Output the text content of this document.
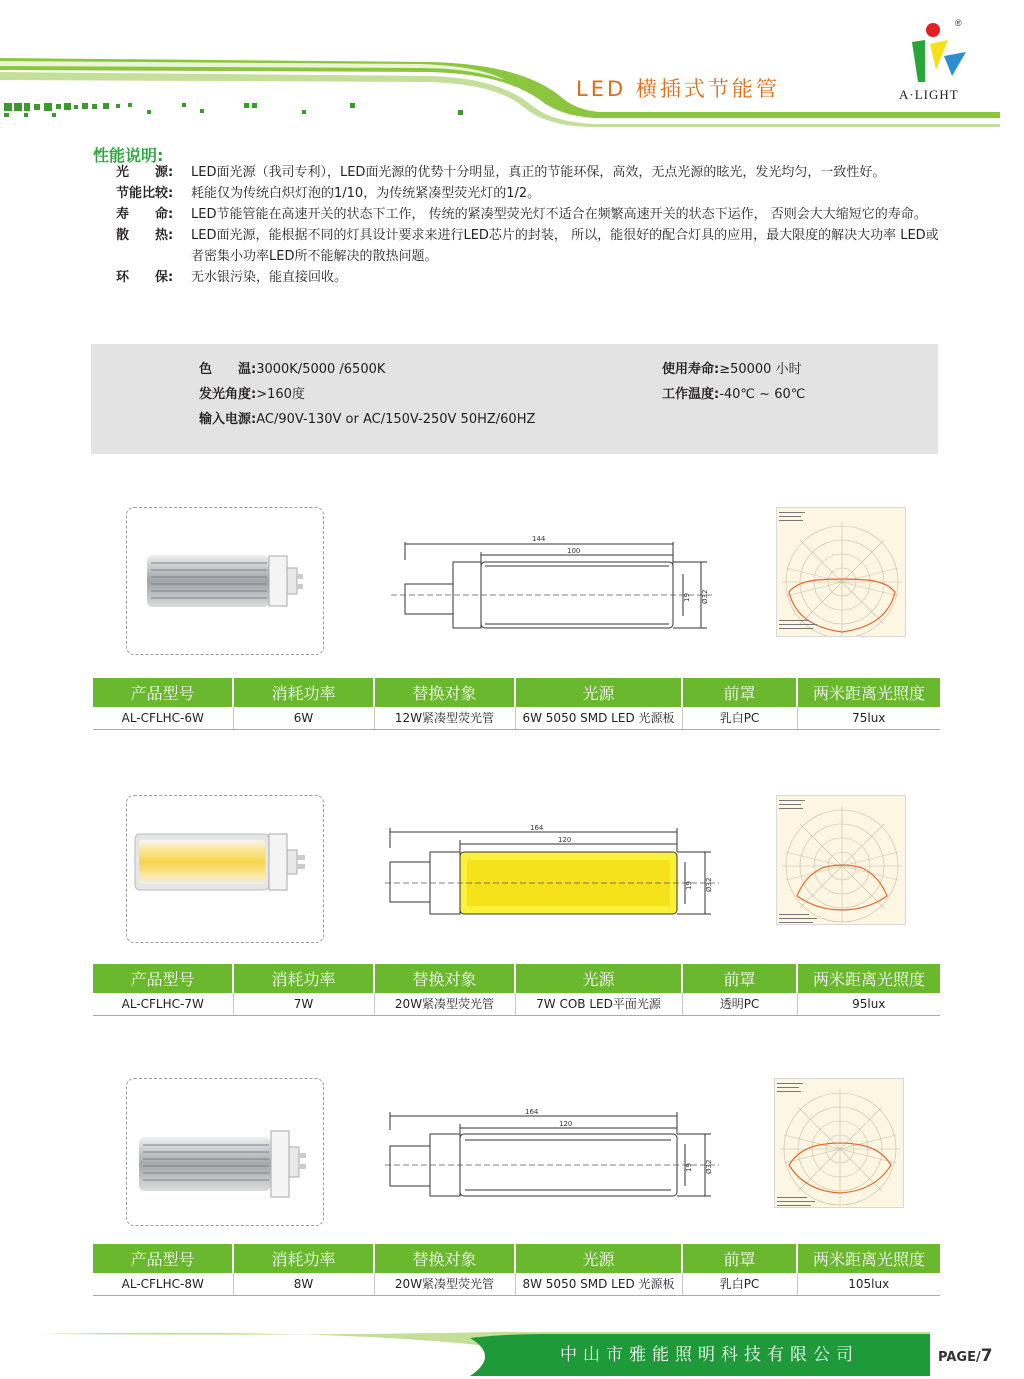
LED 横插式节能管
®
A·LIGHT
性能说明:
光　　源:	LED面光源（我司专利），LED面光源的优势十分明显，真正的节能环保，高效，无点光源的眩光，发光均匀，一致性好。
节能比较:	耗能仅为传统白炽灯泡的1/10，为传统紧凑型荧光灯的1/2。
寿　　命:	LED节能管能在高速开关的状态下工作， 传统的紧凑型荧光灯不适合在频繁高速开关的状态下运作， 否则会大大缩短它的寿命。
散　　热:	LED面光源，能根据不同的灯具设计要求来进行LED芯片的封装， 所以，能很好的配合灯具的应用，最大限度的解决大功率 LED或者密集小功率LED所不能解决的散热问题。
环　　保:	无水银污染，能直接回收。
色　　温:3000K/5000 /6500K
发光角度:>160度
输入电源:AC/90V-130V or AC/150V-250V 50HZ/60HZ
使用寿命:≥50000 小时
工作温度:-40℃ ~ 60℃
144
100
19 Ø32
产品型号	消耗功率	替换对象	光源	前罩	两米距离光照度
AL-CFLHC-6W	6W	12W紧凑型荧光管	6W 5050 SMD LED 光源板	乳白PC	75lux
164
120
19 Ø32
产品型号	消耗功率	替换对象	光源	前罩	两米距离光照度
AL-CFLHC-7W	7W	20W紧凑型荧光管	7W COB LED平面光源	透明PC	95lux
164
120
19 Ø32
产品型号	消耗功率	替换对象	光源	前罩	两米距离光照度
AL-CFLHC-8W	8W	20W紧凑型荧光管	8W 5050 SMD LED 光源板	乳白PC	105lux
中山市雅能照明科技有限公司	PAGE/7
